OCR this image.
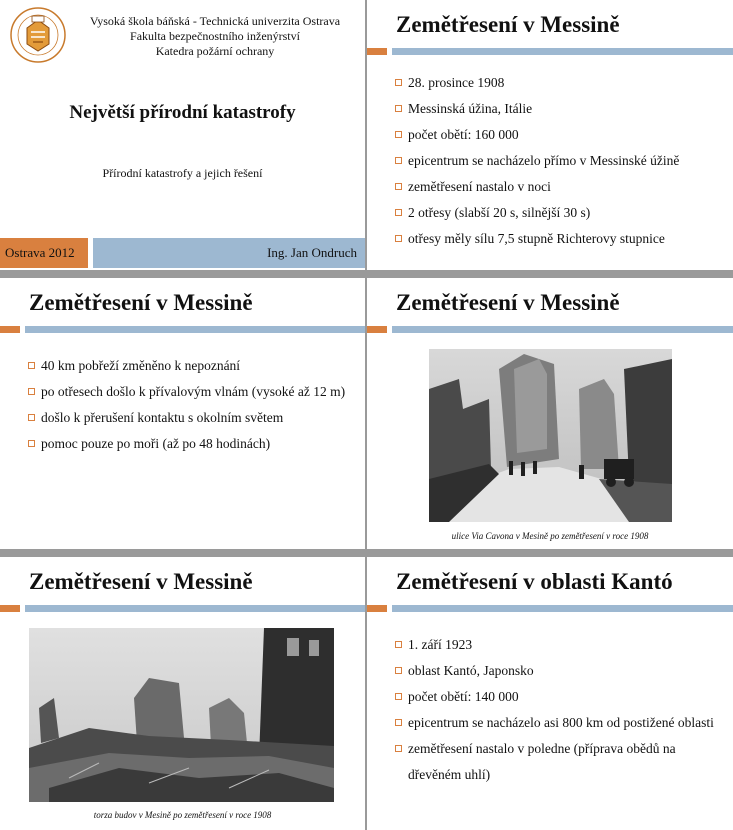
Vysoká škola báňská - Technická univerzita Ostrava
Fakulta bezpečnostního inženýrství
Katedra požární ochrany
Největší přírodní katastrofy
Přírodní katastrofy a jejich řešení
Ostrava 2012	Ing. Jan Ondruch
Zemětřesení v Messině
28. prosince 1908
Messinská úžina, Itálie
počet obětí: 160 000
epicentrum se nacházelo přímo v Messinské úžině
zemětřesení nastalo v noci
2 otřesy (slabší 20 s, silnější 30 s)
otřesy měly sílu 7,5 stupně Richterovy stupnice
Zemětřesení v Messině
40 km pobřeží změněno k nepoznání
po otřesech došlo k přívalovým vlnám (vysoké až 12 m)
došlo k přerušení kontaktu s okolním světem
pomoc pouze po moři (až po 48 hodinách)
Zemětřesení v Messině
ulice Via Cavona v Mesině po zemětřesení v roce 1908
Zemětřesení v Messině
torza budov v Mesině po zemětřesení v roce 1908
Zemětřesení v oblasti Kantó
1. září 1923
oblast Kantó, Japonsko
počet obětí: 140 000
epicentrum se nacházelo asi 800 km od postižené oblasti
zemětřesení nastalo v poledne (příprava obědů na dřevěném uhlí)
